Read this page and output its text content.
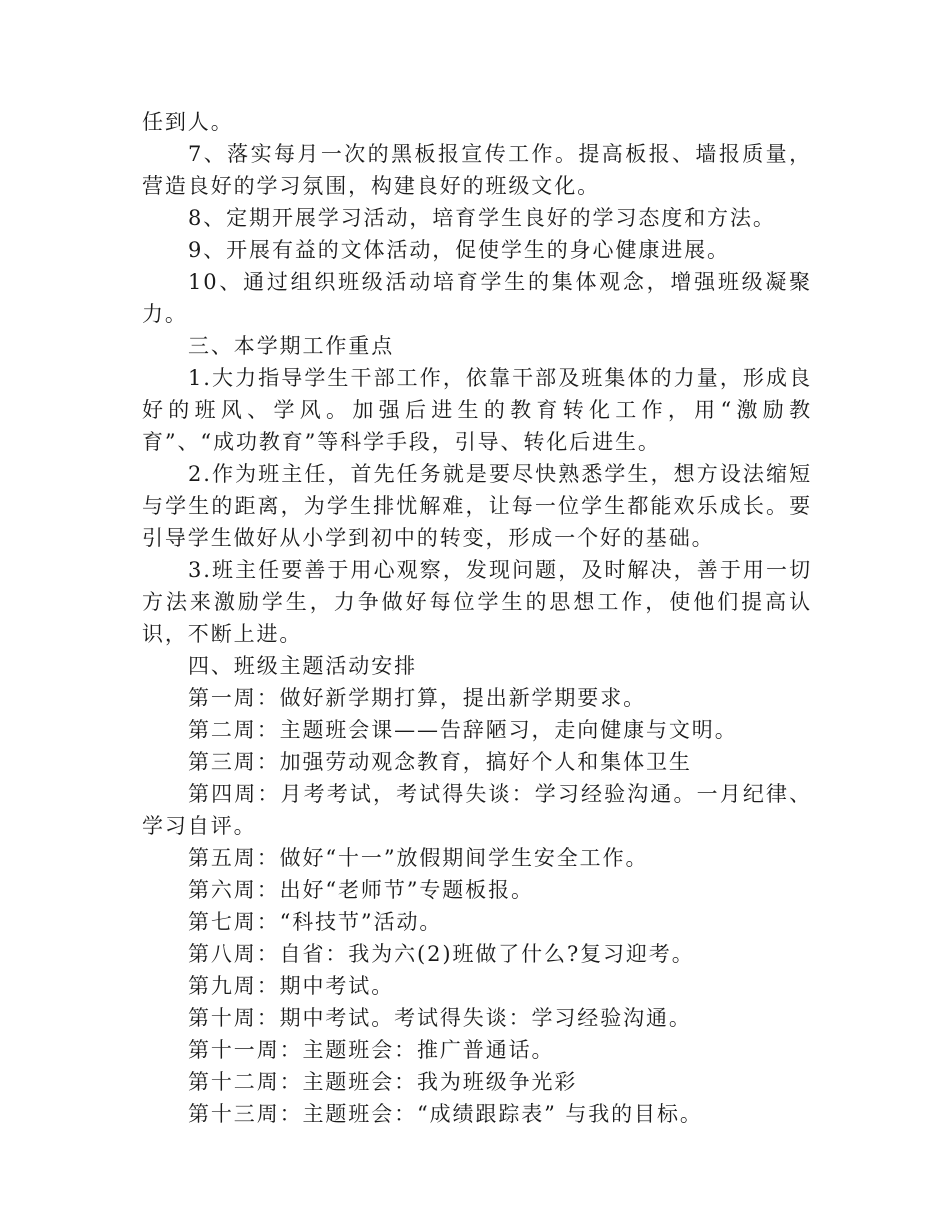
任到人。

7、落实每月一次的黑板报宣传工作。提高板报、墙报质量，营造良好的学习氛围，构建良好的班级文化。

8、定期开展学习活动，培育学生良好的学习态度和方法。

9、开展有益的文体活动，促使学生的身心健康进展。

10、通过组织班级活动培育学生的集体观念，增强班级凝聚力。

三、本学期工作重点

1.大力指导学生干部工作，依靠干部及班集体的力量，形成良好的班风、学风。加强后进生的教育转化工作，用“激励教育”、“成功教育”等科学手段，引导、转化后进生。

2.作为班主任，首先任务就是要尽快熟悉学生，想方设法缩短与学生的距离，为学生排忧解难，让每一位学生都能欢乐成长。要引导学生做好从小学到初中的转变，形成一个好的基础。

3.班主任要善于用心观察，发现问题，及时解决，善于用一切方法来激励学生，力争做好每位学生的思想工作，使他们提高认识，不断上进。

四、班级主题活动安排

第一周：做好新学期打算，提出新学期要求。

第二周：主题班会课——告辞陋习，走向健康与文明。

第三周：加强劳动观念教育，搞好个人和集体卫生

第四周：月考考试，考试得失谈：学习经验沟通。一月纪律、学习自评。

第五周：做好“十一”放假期间学生安全工作。

第六周：出好“老师节”专题板报。

第七周：“科技节”活动。

第八周：自省：我为六(2)班做了什么?复习迎考。

第九周：期中考试。

第十周：期中考试。考试得失谈：学习经验沟通。

第十一周：主题班会：推广普通话。

第十二周：主题班会：我为班级争光彩

第十三周：主题班会：“成绩跟踪表” 与我的目标。
